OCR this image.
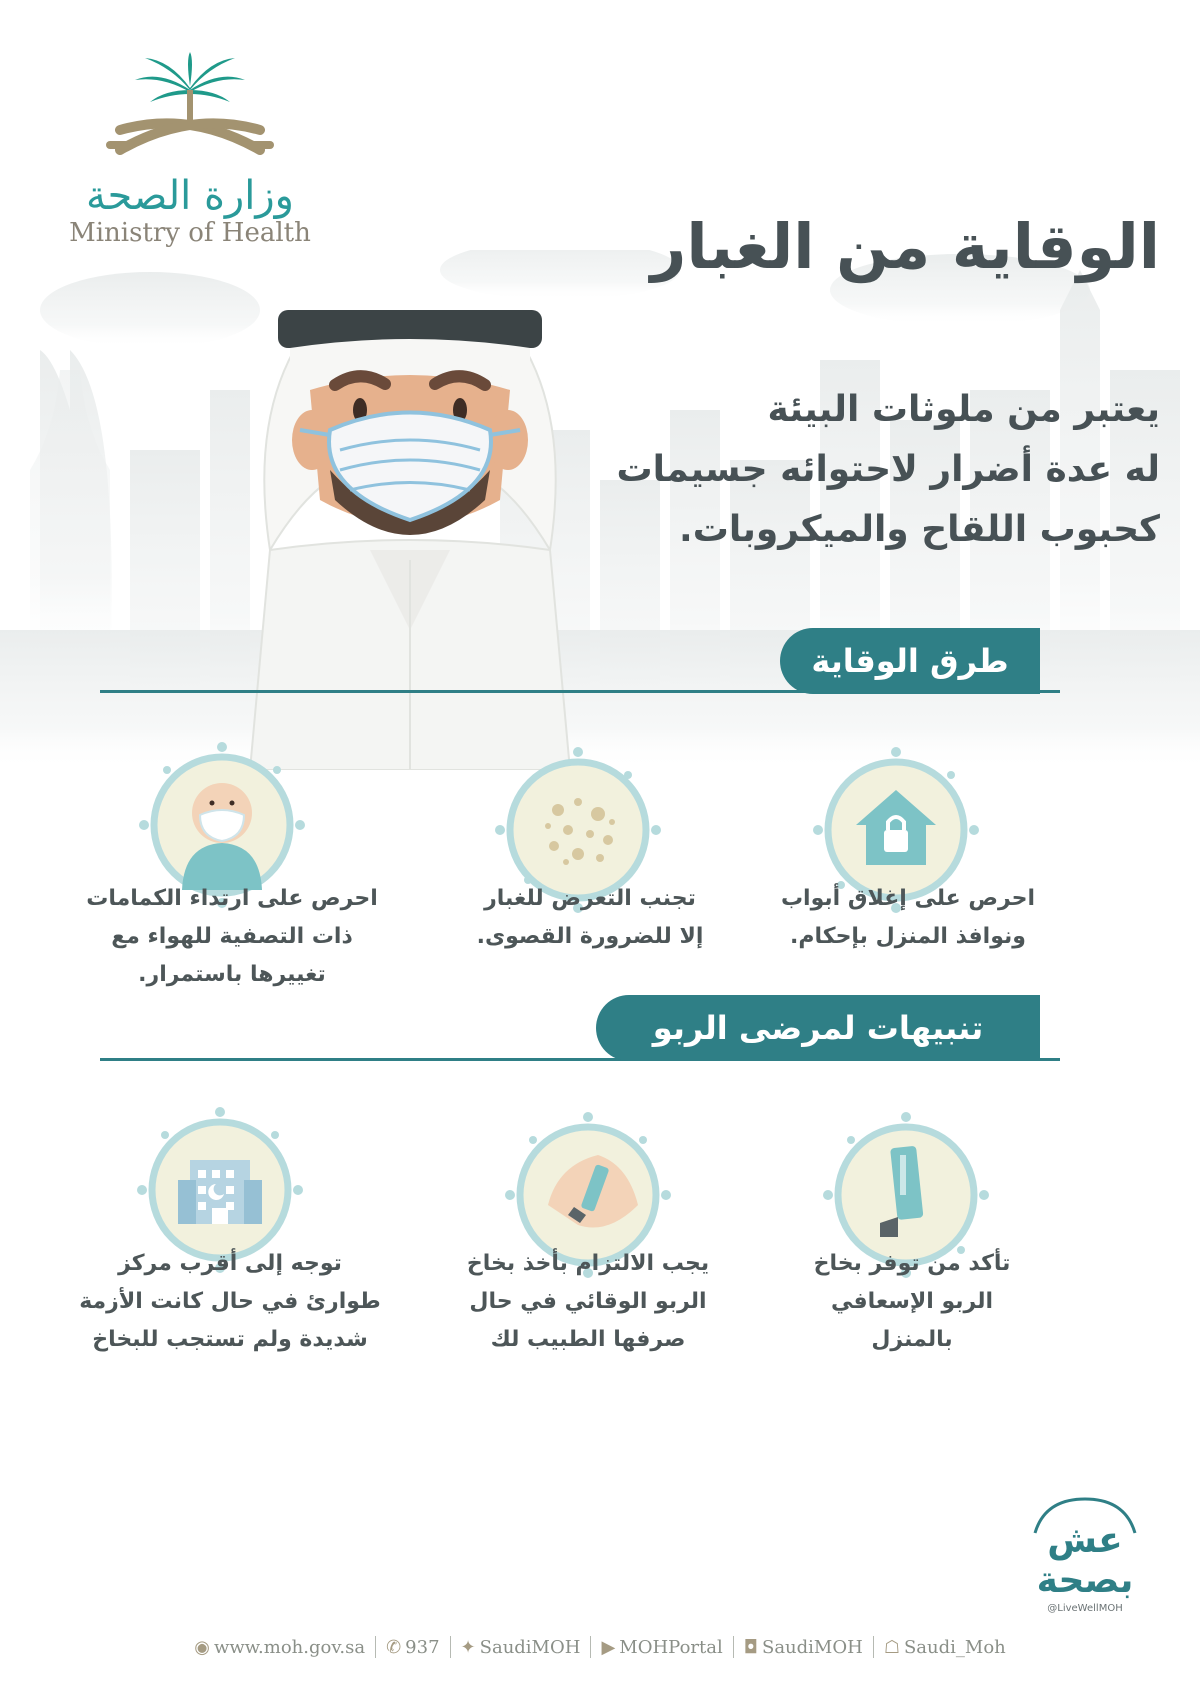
وزارة الصحة
Ministry of Health	الوقاية من الغبار
يعتبر من ملوثات البيئة
له عدة أضرار لاحتوائه جسيمات
كحبوب اللقاح والميكروبات.
طرق الوقاية
احرص على إغلاق أبواب
ونوافذ المنزل بإحكام.
تجنب التعرض للغبار
إلا للضرورة القصوى.
احرص على ارتداء الكمامات
ذات التصفية للهواء مع
تغييرها باستمرار.
تنبيهات لمرضى الربو
تأكد من توفر بخاخ
الربو الإسعافي
بالمنزل
يجب الالتزام بأخذ بخاخ
الربو الوقائي في حال
صرفها الطبيب لك
توجه إلى أقرب مركز
طوارئ في حال كانت الأزمة
شديدة ولم تستجب للبخاخ
عش بصحة
@LiveWellMOH
◉ www.moh.gov.sa ✆ 937 ✦ SaudiMOH ▶ MOHPortal ◘ SaudiMOH ☖ Saudi_Moh
